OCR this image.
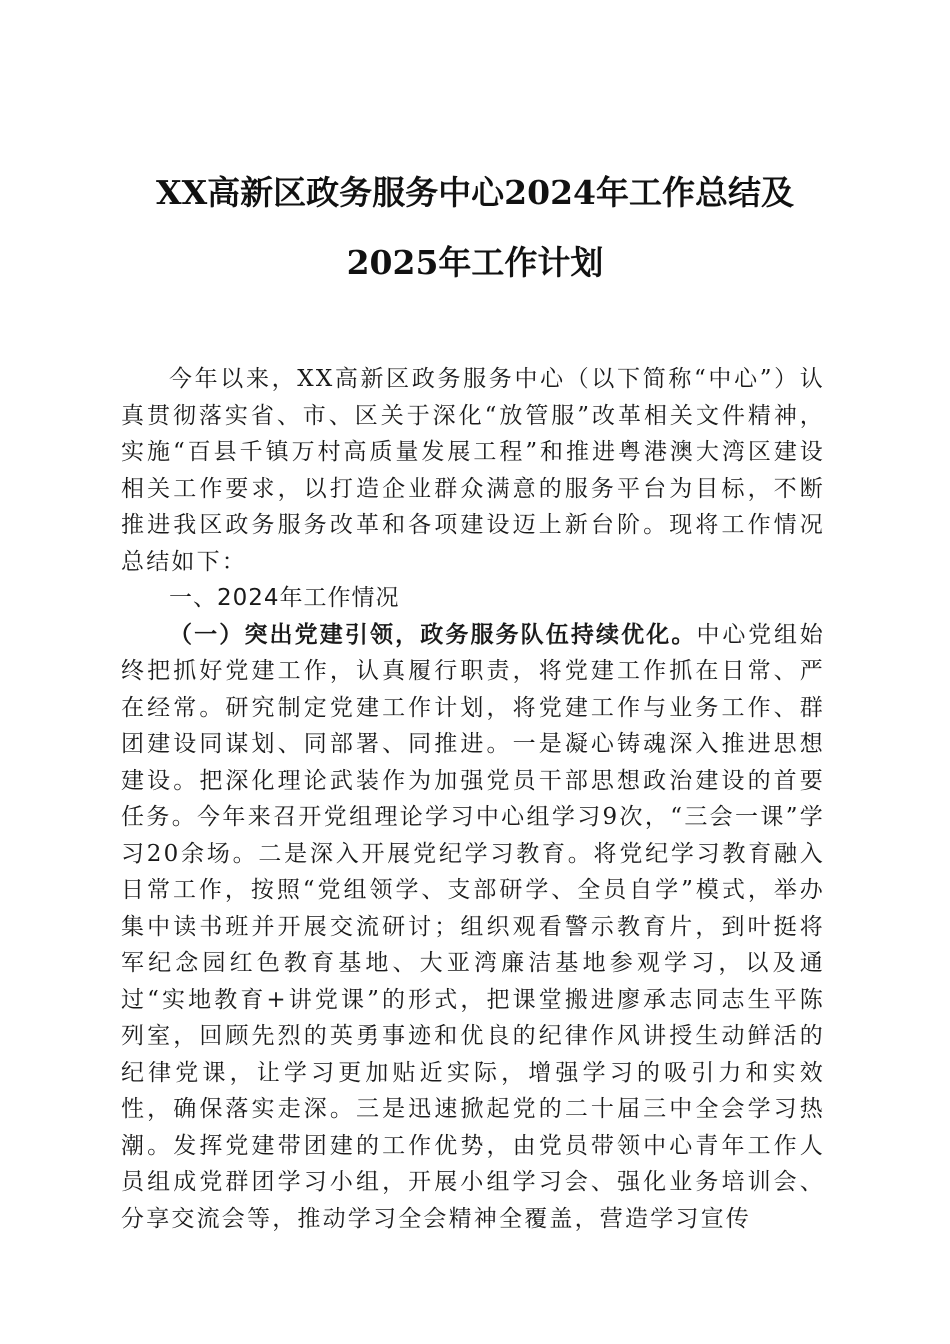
XX高新区政务服务中心2024年工作总结及
2025年工作计划

今年以来，XX高新区政务服务中心（以下简称“中心”）认真贯彻落实省、市、区关于深化“放管服”改革相关文件精神，实施“百县千镇万村高质量发展工程”和推进粤港澳大湾区建设相关工作要求，以打造企业群众满意的服务平台为目标，不断推进我区政务服务改革和各项建设迈上新台阶。现将工作情况总结如下：

一、2024年工作情况

（一）突出党建引领，政务服务队伍持续优化。中心党组始终把抓好党建工作，认真履行职责，将党建工作抓在日常、严在经常。研究制定党建工作计划，将党建工作与业务工作、群团建设同谋划、同部署、同推进。一是凝心铸魂深入推进思想建设。把深化理论武装作为加强党员干部思想政治建设的首要任务。今年来召开党组理论学习中心组学习9次，“三会一课”学习20余场。二是深入开展党纪学习教育。将党纪学习教育融入日常工作，按照“党组领学、支部研学、全员自学”模式，举办集中读书班并开展交流研讨；组织观看警示教育片，到叶挺将军纪念园红色教育基地、大亚湾廉洁基地参观学习，以及通过“实地教育+讲党课”的形式，把课堂搬进廖承志同志生平陈列室，回顾先烈的英勇事迹和优良的纪律作风讲授生动鲜活的纪律党课，让学习更加贴近实际，增强学习的吸引力和实效性，确保落实走深。三是迅速掀起党的二十届三中全会学习热潮。发挥党建带团建的工作优势，由党员带领中心青年工作人员组成党群团学习小组，开展小组学习会、强化业务培训会、分享交流会等，推动学习全会精神全覆盖，营造学习宣传
